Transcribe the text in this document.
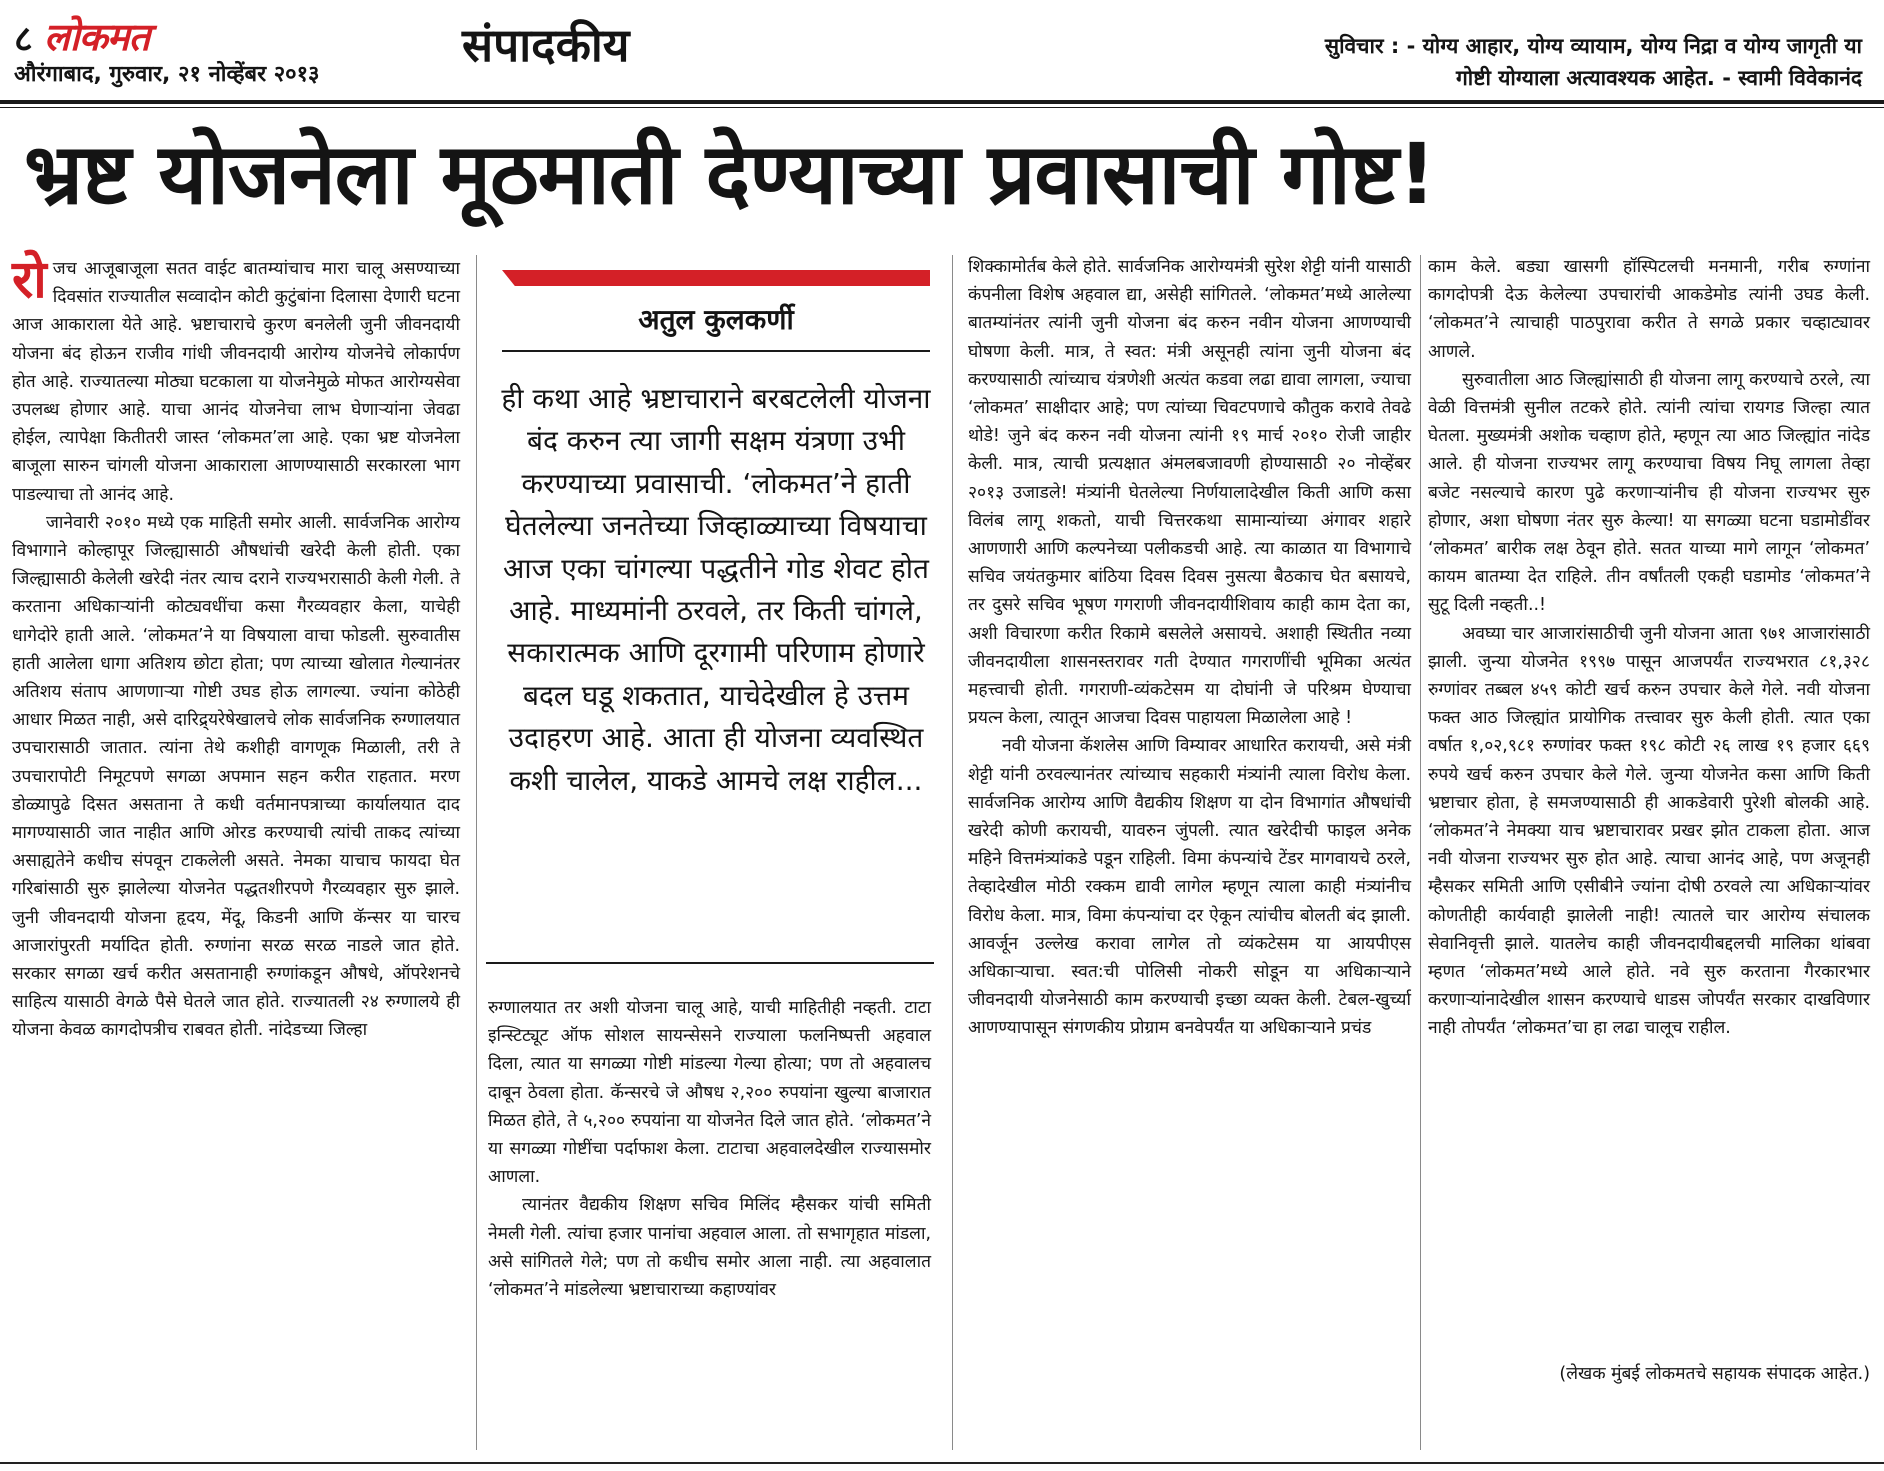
८ लोकमत
औरंगाबाद, गुरुवार, २१ नोव्हेंबर २०१३
संपादकीय	सुविचार : - योग्य आहार, योग्य व्यायाम, योग्य निद्रा व योग्य जागृती या
गोष्टी योग्याला अत्यावश्यक आहेत. - स्वामी विवेकानंद
भ्रष्ट योजनेला मूठमाती देण्याच्या प्रवासाची गोष्ट!

रोजच आजूबाजूला सतत वाईट बातम्यांचाच मारा चालू असण्याच्या दिवसांत राज्यातील सव्वादोन कोटी कुटुंबांना दिलासा देणारी घटना आज आकाराला येते आहे. भ्रष्टाचाराचे कुरण बनलेली जुनी जीवनदायी योजना बंद होऊन राजीव गांधी जीवनदायी आरोग्य योजनेचे लोकार्पण होत आहे. राज्यातल्या मोठ्या घटकाला या योजनेमुळे मोफत आरोग्यसेवा उपलब्ध होणार आहे. याचा आनंद योजनेचा लाभ घेणाऱ्यांना जेवढा होईल, त्यापेक्षा कितीतरी जास्त ‘लोकमत’ला आहे. एका भ्रष्ट योजनेला बाजूला सारुन चांगली योजना आकाराला आणण्यासाठी सरकारला भाग पाडल्याचा तो आनंद आहे.

जानेवारी २०१० मध्ये एक माहिती समोर आली. सार्वजनिक आरोग्य विभागाने कोल्हापूर जिल्ह्यासाठी औषधांची खरेदी केली होती. एका जिल्ह्यासाठी केलेली खरेदी नंतर त्याच दराने राज्यभरासाठी केली गेली. ते करताना अधिकाऱ्यांनी कोट्यवधींचा कसा गैरव्यवहार केला, याचेही धागेदोरे हाती आले. ‘लोकमत’ने या विषयाला वाचा फोडली. सुरुवातीस हाती आलेला धागा अतिशय छोटा होता; पण त्याच्या खोलात गेल्यानंतर अतिशय संताप आणणाऱ्या गोष्टी उघड होऊ लागल्या. ज्यांना कोठेही आधार मिळत नाही, असे दारिद्र्यरेषेखालचे लोक सार्वजनिक रुग्णालयात उपचारासाठी जातात. त्यांना तेथे कशीही वागणूक मिळाली, तरी ते उपचारापोटी निमूटपणे सगळा अपमान सहन करीत राहतात. मरण डोळ्यापुढे दिसत असताना ते कधी वर्तमानपत्राच्या कार्यालयात दाद मागण्यासाठी जात नाहीत आणि ओरड करण्याची त्यांची ताकद त्यांच्या असाह्यतेने कधीच संपवून टाकलेली असते. नेमका याचाच फायदा घेत गरिबांसाठी सुरु झालेल्या योजनेत पद्धतशीरपणे गैरव्यवहार सुरु झाले. जुनी जीवनदायी योजना हृदय, मेंदू, किडनी आणि कॅन्सर या चारच आजारांपुरती मर्यादित होती. रुग्णांना सरळ सरळ नाडले जात होते. सरकार सगळा खर्च करीत असतानाही रुग्णांकडून औषधे, ऑपरेशनचे साहित्य यासाठी वेगळे पैसे घेतले जात होते. राज्यातली २४ रुग्णालये ही योजना केवळ कागदोपत्रीच राबवत होती. नांदेडच्या जिल्हा

अतुल कुलकर्णी
ही कथा आहे भ्रष्टाचाराने बरबटलेली योजना बंद करुन त्या जागी सक्षम यंत्रणा उभी करण्याच्या प्रवासाची. ‘लोकमत’ने हाती घेतलेल्या जनतेच्या जिव्हाळ्याच्या विषयाचा आज एका चांगल्या पद्धतीने गोड शेवट होत आहे. माध्यमांनी ठरवले, तर किती चांगले, सकारात्मक आणि दूरगामी परिणाम होणारे बदल घडू शकतात, याचेदेखील हे उत्तम उदाहरण आहे. आता ही योजना व्यवस्थित कशी चालेल, याकडे आमचे लक्ष राहील...

रुग्णालयात तर अशी योजना चालू आहे, याची माहितीही नव्हती. टाटा इन्स्टिट्यूट ऑफ सोशल सायन्सेसने राज्याला फलनिष्पत्ती अहवाल दिला, त्यात या सगळ्या गोष्टी मांडल्या गेल्या होत्या; पण तो अहवालच दाबून ठेवला होता. कॅन्सरचे जे औषध २,२०० रुपयांना खुल्या बाजारात मिळत होते, ते ५,२०० रुपयांना या योजनेत दिले जात होते. ‘लोकमत’ने या सगळ्या गोष्टींचा पर्दाफाश केला. टाटाचा अहवालदेखील राज्यासमोर आणला.

त्यानंतर वैद्यकीय शिक्षण सचिव मिलिंद म्हैसकर यांची समिती नेमली गेली. त्यांचा हजार पानांचा अहवाल आला. तो सभागृहात मांडला, असे सांगितले गेले; पण तो कधीच समोर आला नाही. त्या अहवालात ‘लोकमत’ने मांडलेल्या भ्रष्टाचाराच्या कहाण्यांवर

शिक्कामोर्तब केले होते. सार्वजनिक आरोग्यमंत्री सुरेश शेट्टी यांनी यासाठी कंपनीला विशेष अहवाल द्या, असेही सांगितले. ‘लोकमत’मध्ये आलेल्या बातम्यांनंतर त्यांनी जुनी योजना बंद करुन नवीन योजना आणण्याची घोषणा केली. मात्र, ते स्वत: मंत्री असूनही त्यांना जुनी योजना बंद करण्यासाठी त्यांच्याच यंत्रणेशी अत्यंत कडवा लढा द्यावा लागला, ज्याचा ‘लोकमत’ साक्षीदार आहे; पण त्यांच्या चिवटपणाचे कौतुक करावे तेवढे थोडे! जुने बंद करुन नवी योजना त्यांनी १९ मार्च २०१० रोजी जाहीर केली. मात्र, त्याची प्रत्यक्षात अंमलबजावणी होण्यासाठी २० नोव्हेंबर २०१३ उजाडले! मंत्र्यांनी घेतलेल्या निर्णयालादेखील किती आणि कसा विलंब लागू शकतो, याची चित्तरकथा सामान्यांच्या अंगावर शहारे आणणारी आणि कल्पनेच्या पलीकडची आहे. त्या काळात या विभागाचे सचिव जयंतकुमार बांठिया दिवस दिवस नुसत्या बैठकाच घेत बसायचे, तर दुसरे सचिव भूषण गगराणी जीवनदायीशिवाय काही काम देता का, अशी विचारणा करीत रिकामे बसलेले असायचे. अशाही स्थितीत नव्या जीवनदायीला शासनस्तरावर गती देण्यात गगराणींची भूमिका अत्यंत महत्त्वाची होती. गगराणी-व्यंकटेसम या दोघांनी जे परिश्रम घेण्याचा प्रयत्न केला, त्यातून आजचा दिवस पाहायला मिळालेला आहे !

नवी योजना कॅशलेस आणि विम्यावर आधारित करायची, असे मंत्री शेट्टी यांनी ठरवल्यानंतर त्यांच्याच सहकारी मंत्र्यांनी त्याला विरोध केला. सार्वजनिक आरोग्य आणि वैद्यकीय शिक्षण या दोन विभागांत औषधांची खरेदी कोणी करायची, यावरुन जुंपली. त्यात खरेदीची फाइल अनेक महिने वित्तमंत्र्यांकडे पडून राहिली. विमा कंपन्यांचे टेंडर मागवायचे ठरले, तेव्हादेखील मोठी रक्कम द्यावी लागेल म्हणून त्याला काही मंत्र्यांनीच विरोध केला. मात्र, विमा कंपन्यांचा दर ऐकून त्यांचीच बोलती बंद झाली. आवर्जून उल्लेख करावा लागेल तो व्यंकटेसम या आयपीएस अधिकाऱ्याचा. स्वत:ची पोलिसी नोकरी सोडून या अधिकाऱ्याने जीवनदायी योजनेसाठी काम करण्याची इच्छा व्यक्त केली. टेबल-खुर्च्या आणण्यापासून संगणकीय प्रोग्राम बनवेपर्यंत या अधिकाऱ्याने प्रचंड

काम केले. बड्या खासगी हॉस्पिटलची मनमानी, गरीब रुग्णांना कागदोपत्री देऊ केलेल्या उपचारांची आकडेमोड त्यांनी उघड केली. ‘लोकमत’ने त्याचाही पाठपुरावा करीत ते सगळे प्रकार चव्हाट्यावर आणले.

सुरुवातीला आठ जिल्ह्यांसाठी ही योजना लागू करण्याचे ठरले, त्या वेळी वित्तमंत्री सुनील तटकरे होते. त्यांनी त्यांचा रायगड जिल्हा त्यात घेतला. मुख्यमंत्री अशोक चव्हाण होते, म्हणून त्या आठ जिल्ह्यांत नांदेड आले. ही योजना राज्यभर लागू करण्याचा विषय निघू लागला तेव्हा बजेट नसल्याचे कारण पुढे करणाऱ्यांनीच ही योजना राज्यभर सुरु होणार, अशा घोषणा नंतर सुरु केल्या! या सगळ्या घटना घडामोडींवर ‘लोकमत’ बारीक लक्ष ठेवून होते. सतत याच्या मागे लागून ‘लोकमत’ कायम बातम्या देत राहिले. तीन वर्षांतली एकही घडामोड ‘लोकमत’ने सुटू दिली नव्हती..!

अवघ्या चार आजारांसाठीची जुनी योजना आता ९७१ आजारांसाठी झाली. जुन्या योजनेत १९९७ पासून आजपर्यंत राज्यभरात ८१,३२८ रुग्णांवर तब्बल ४५९ कोटी खर्च करुन उपचार केले गेले. नवी योजना फक्त आठ जिल्ह्यांत प्रायोगिक तत्त्वावर सुरु केली होती. त्यात एका वर्षात १,०२,९८१ रुग्णांवर फक्त १९८ कोटी २६ लाख १९ हजार ६६९ रुपये खर्च करुन उपचार केले गेले. जुन्या योजनेत कसा आणि किती भ्रष्टाचार होता, हे समजण्यासाठी ही आकडेवारी पुरेशी बोलकी आहे. ‘लोकमत’ने नेमक्या याच भ्रष्टाचारावर प्रखर झोत टाकला होता. आज नवी योजना राज्यभर सुरु होत आहे. त्याचा आनंद आहे, पण अजूनही म्हैसकर समिती आणि एसीबीने ज्यांना दोषी ठरवले त्या अधिकाऱ्यांवर कोणतीही कार्यवाही झालेली नाही! त्यातले चार आरोग्य संचालक सेवानिवृत्ती झाले. यातलेच काही जीवनदायीबद्दलची मालिका थांबवा म्हणत ‘लोकमत’मध्ये आले होते. नवे सुरु करताना गैरकारभार करणाऱ्यांनादेखील शासन करण्याचे धाडस जोपर्यंत सरकार दाखविणार नाही तोपर्यंत ‘लोकमत’चा हा लढा चालूच राहील.

(लेखक मुंबई लोकमतचे सहायक संपादक आहेत.)
